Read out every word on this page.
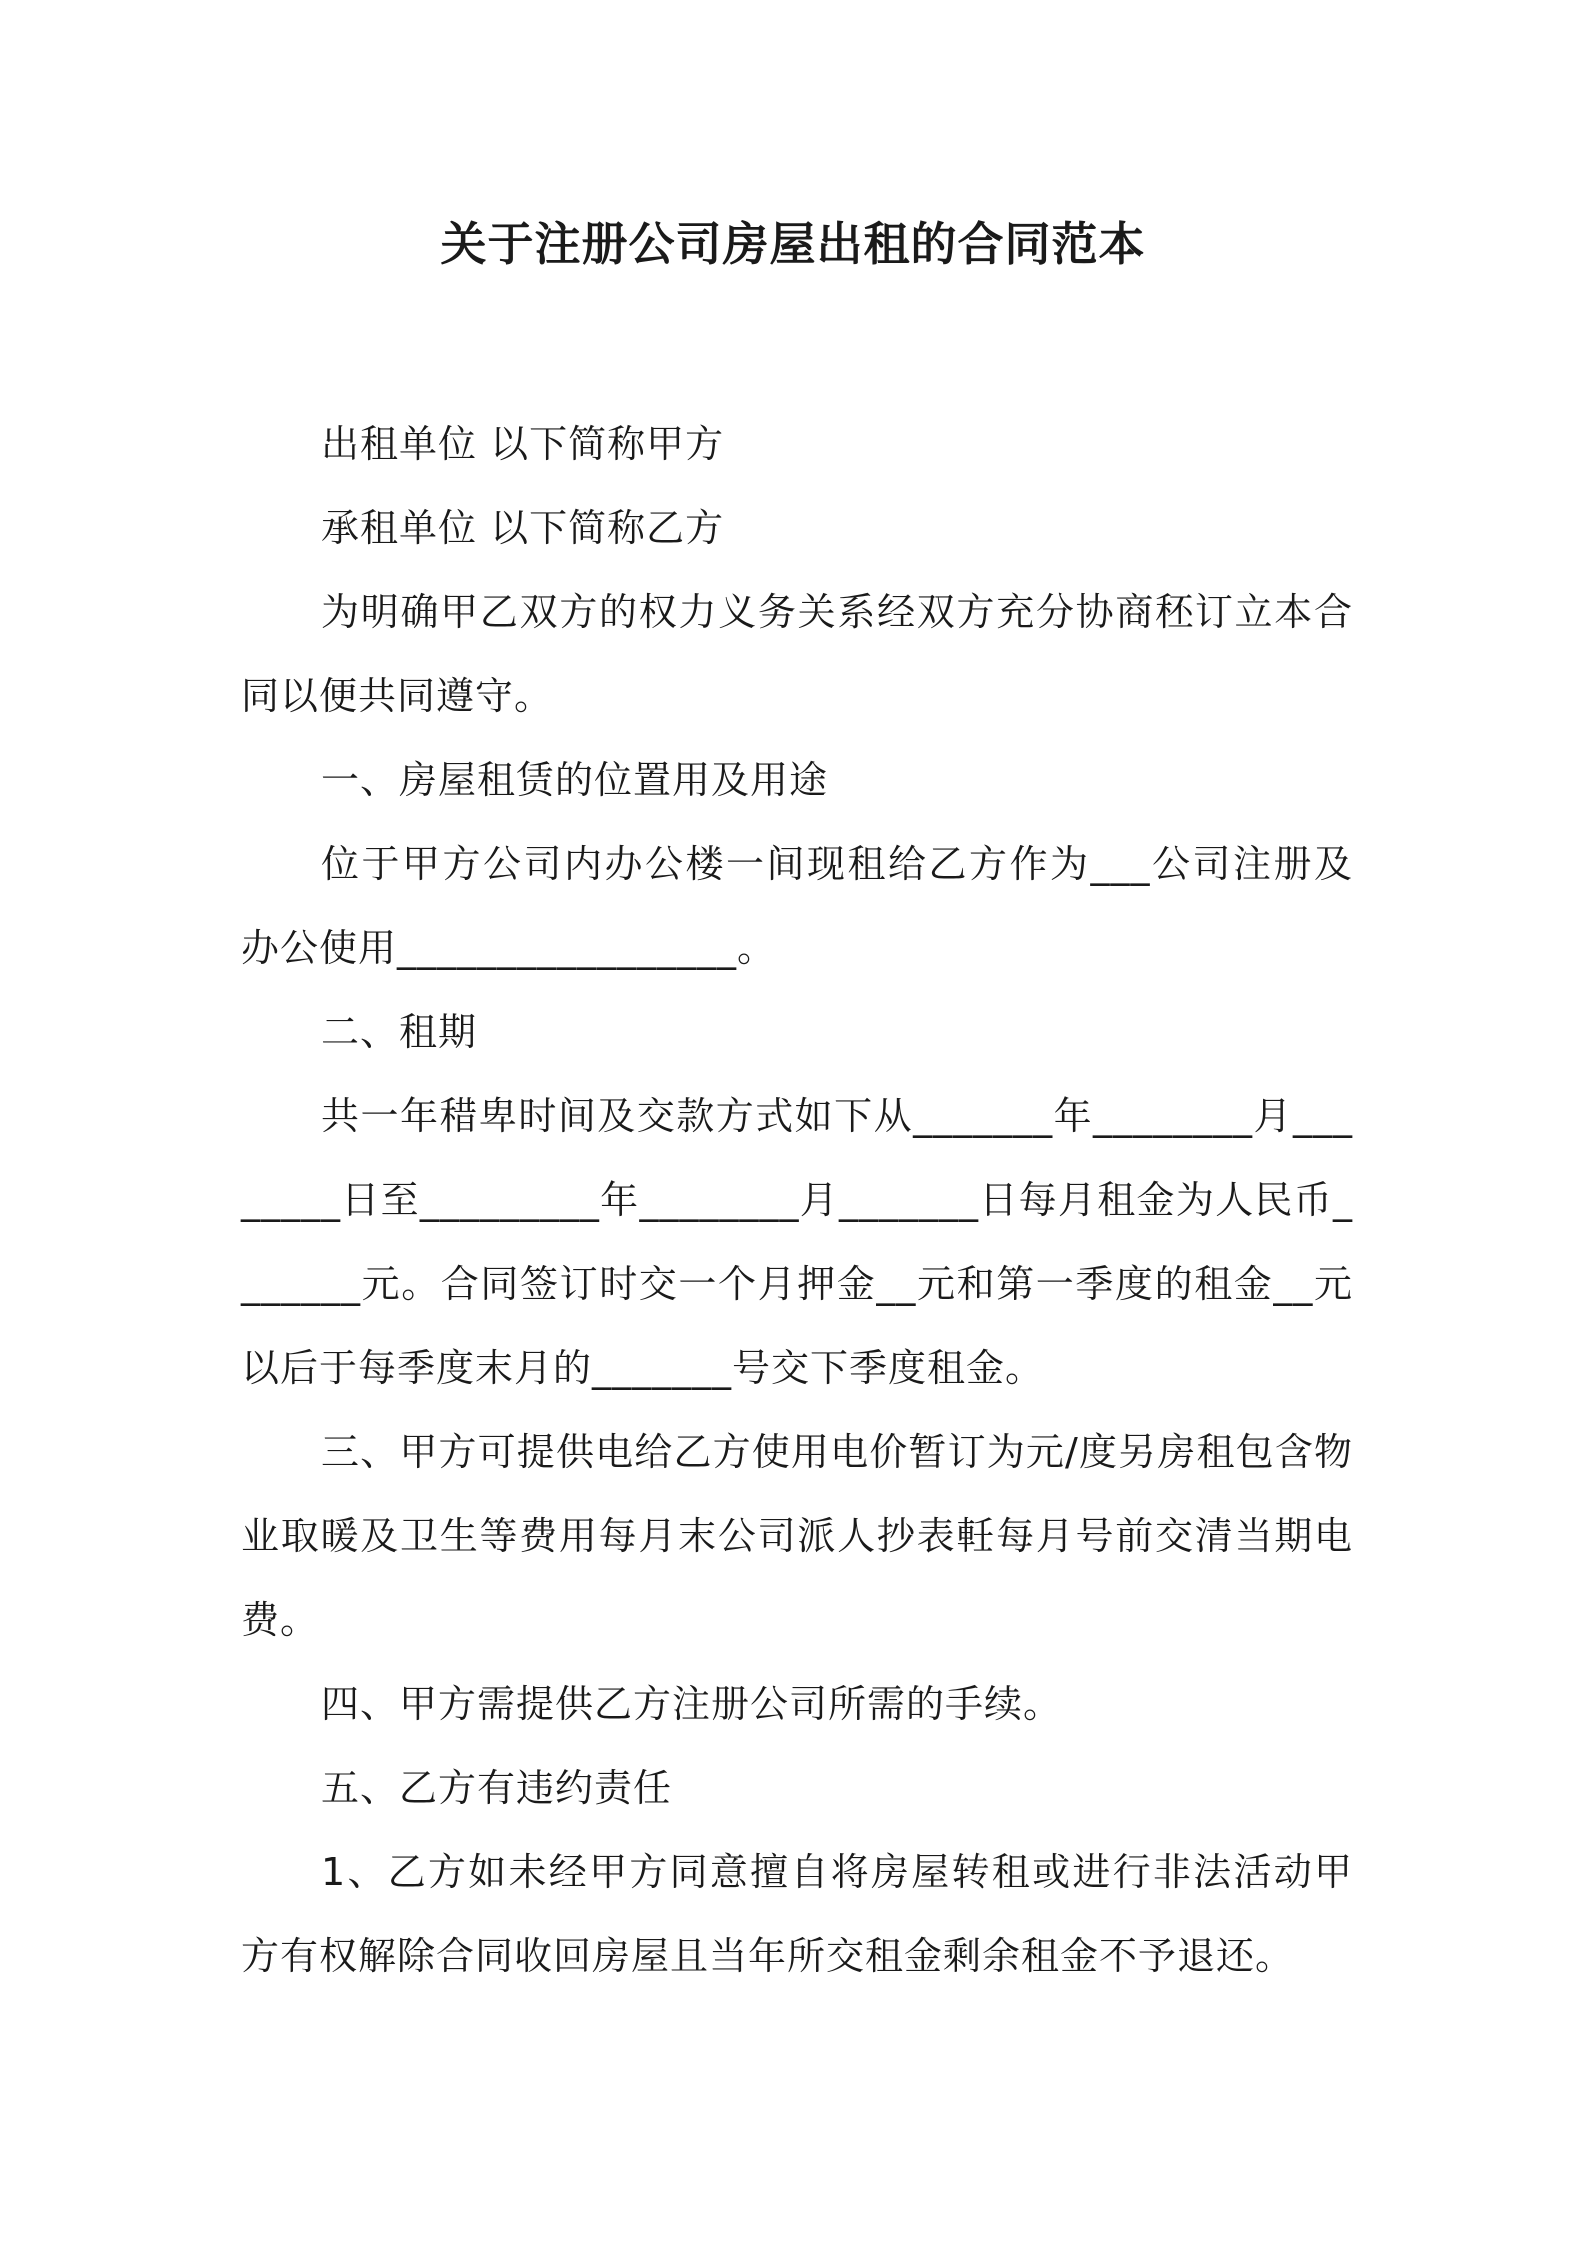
关于注册公司房屋出租的合同范本

出租单位 以下简称甲方

承租单位 以下简称乙方

为明确甲乙双方的权力义务关系经双方充分协商秠订立本合同以便共同遵守。

一、房屋租赁的位置用及用途

位于甲方公司内办公楼一间现租给乙方作为___公司注册及办公使用_________________。

二、租期

共一年稓卑时间及交款方式如下从_______年________月________日至_________年________月_______日每月租金为人民币_______元。合同签订时交一个月押金__元和第一季度的租金__元以后于每季度末月的_______号交下季度租金。

三、甲方可提供电给乙方使用电价暂订为元/度另房租包含物业取暖及卫生等费用每月末公司派人抄表軠每月号前交清当期电费。

四、甲方需提供乙方注册公司所需的手续。

五、乙方有违约责任

1、乙方如未经甲方同意擅自将房屋转租或进行非法活动甲方有权解除合同收回房屋且当年所交租金剩余租金不予退还。
